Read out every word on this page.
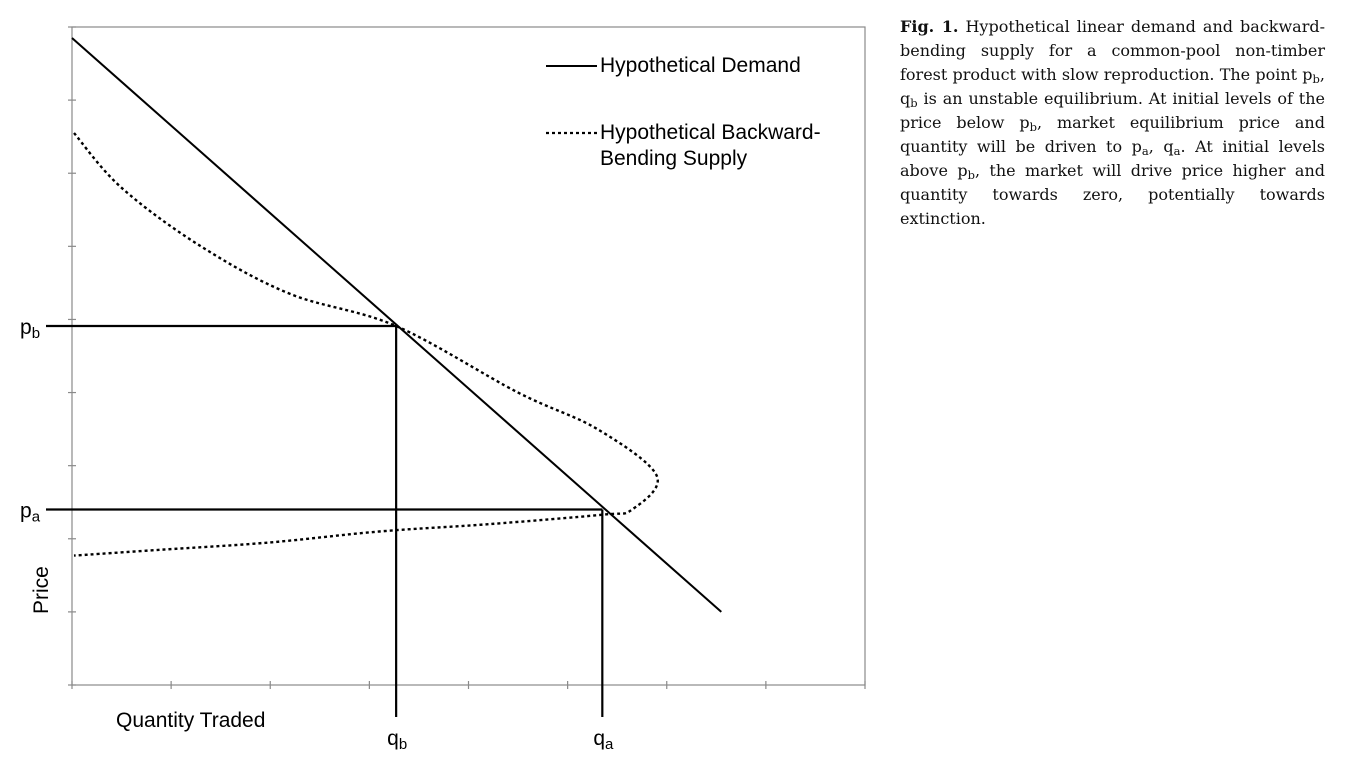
pb
qb
pa
qa
Quantity Traded
Price
Hypothetical Demand
Hypothetical Backward- Bending Supply
Fig. 1. Hypothetical linear demand and backward-bending supply for a common-pool non-timber forest product with slow reproduction. The point $p_b$, $q_b$ is an unstable equilibrium. At initial levels of the price below $p_b$, market equilibrium price and quantity will be driven to $p_a$, $q_a$. At initial levels above $p_b$, the market will drive price higher and quantity towards zero, potentially towards extinction.
